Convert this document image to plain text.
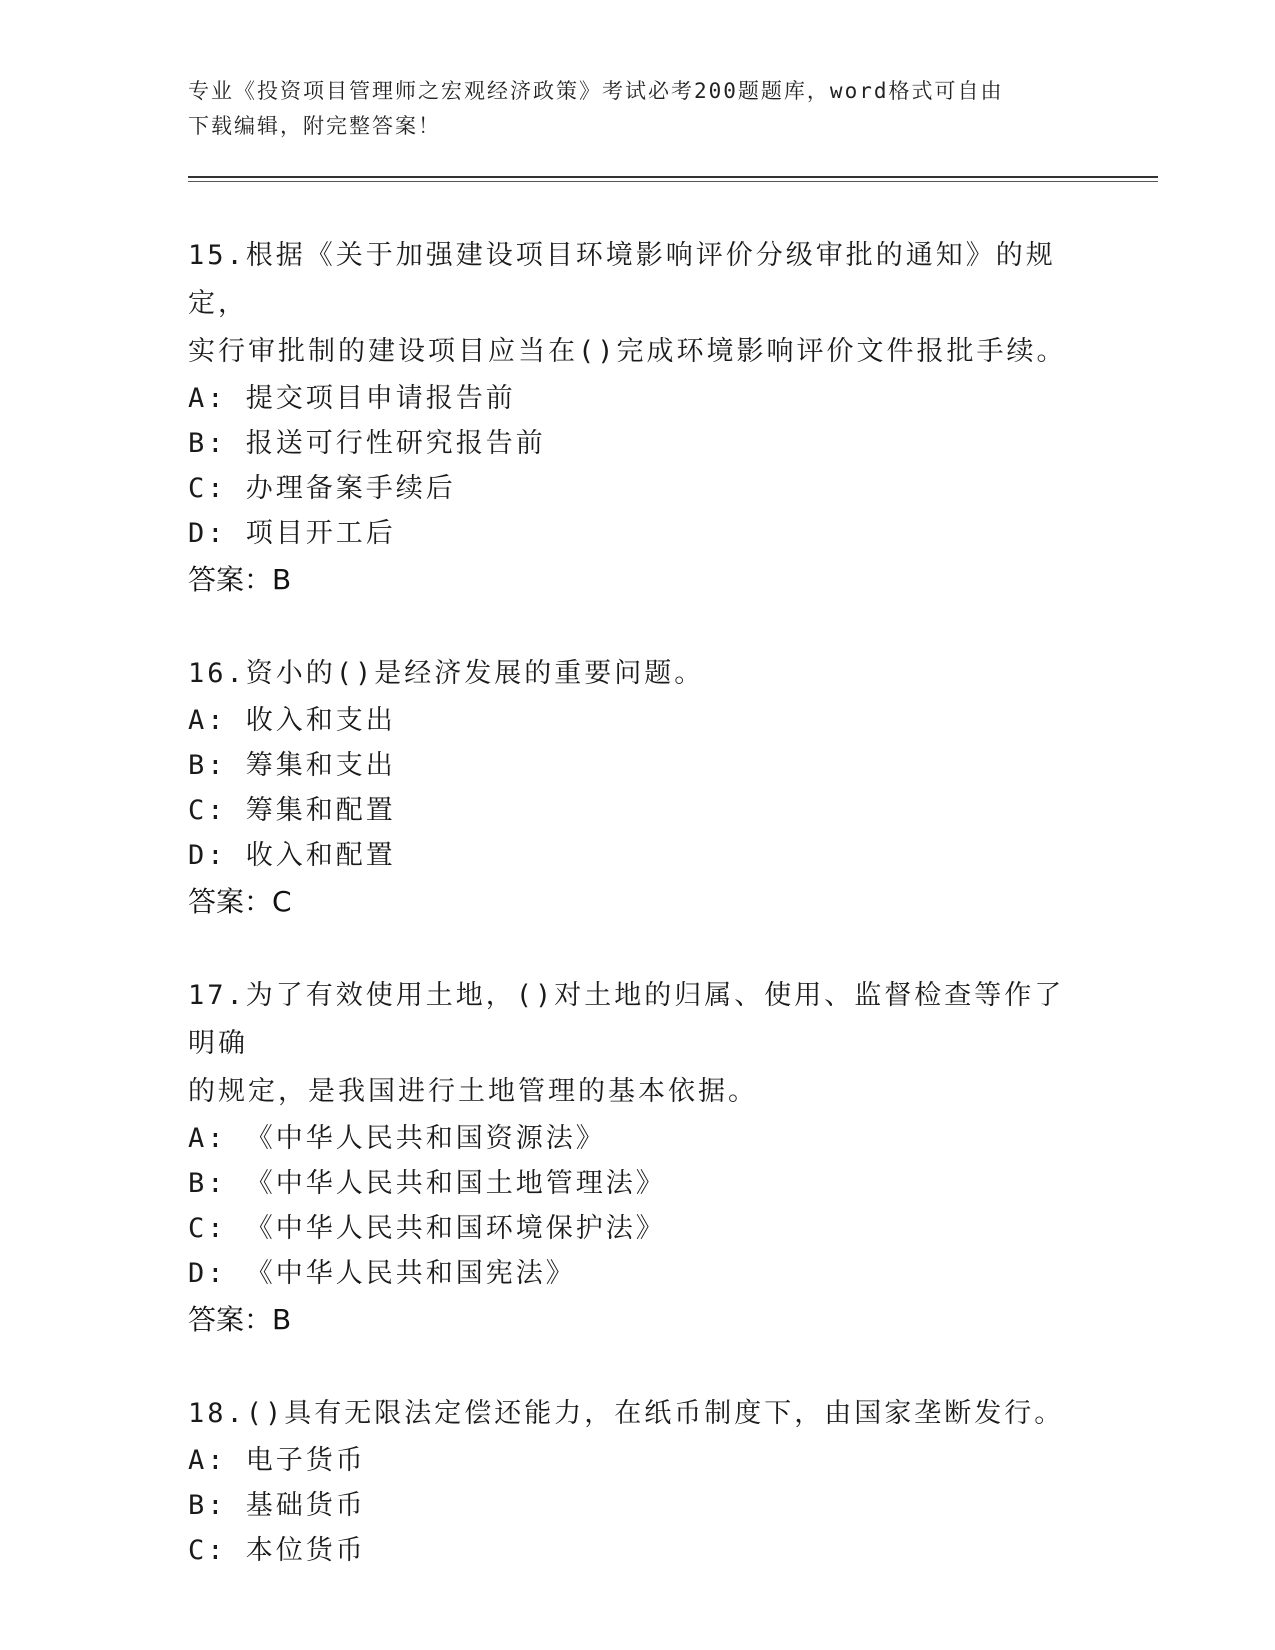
专业《投资项目管理师之宏观经济政策》考试必考200题题库，word格式可自由
下载编辑，附完整答案！

15.根据《关于加强建设项目环境影响评价分级审批的通知》的规定，

实行审批制的建设项目应当在()完成环境影响评价文件报批手续。

A: 提交项目申请报告前

B: 报送可行性研究报告前

C: 办理备案手续后

D: 项目开工后

答案：B

16.资小的()是经济发展的重要问题。

A: 收入和支出

B: 筹集和支出

C: 筹集和配置

D: 收入和配置

答案：C

17.为了有效使用土地，()对土地的归属、使用、监督检查等作了明确

的规定，是我国进行土地管理的基本依据。

A: 《中华人民共和国资源法》

B: 《中华人民共和国土地管理法》

C: 《中华人民共和国环境保护法》

D: 《中华人民共和国宪法》

答案：B

18.()具有无限法定偿还能力，在纸币制度下，由国家垄断发行。

A: 电子货币

B: 基础货币

C: 本位货币
